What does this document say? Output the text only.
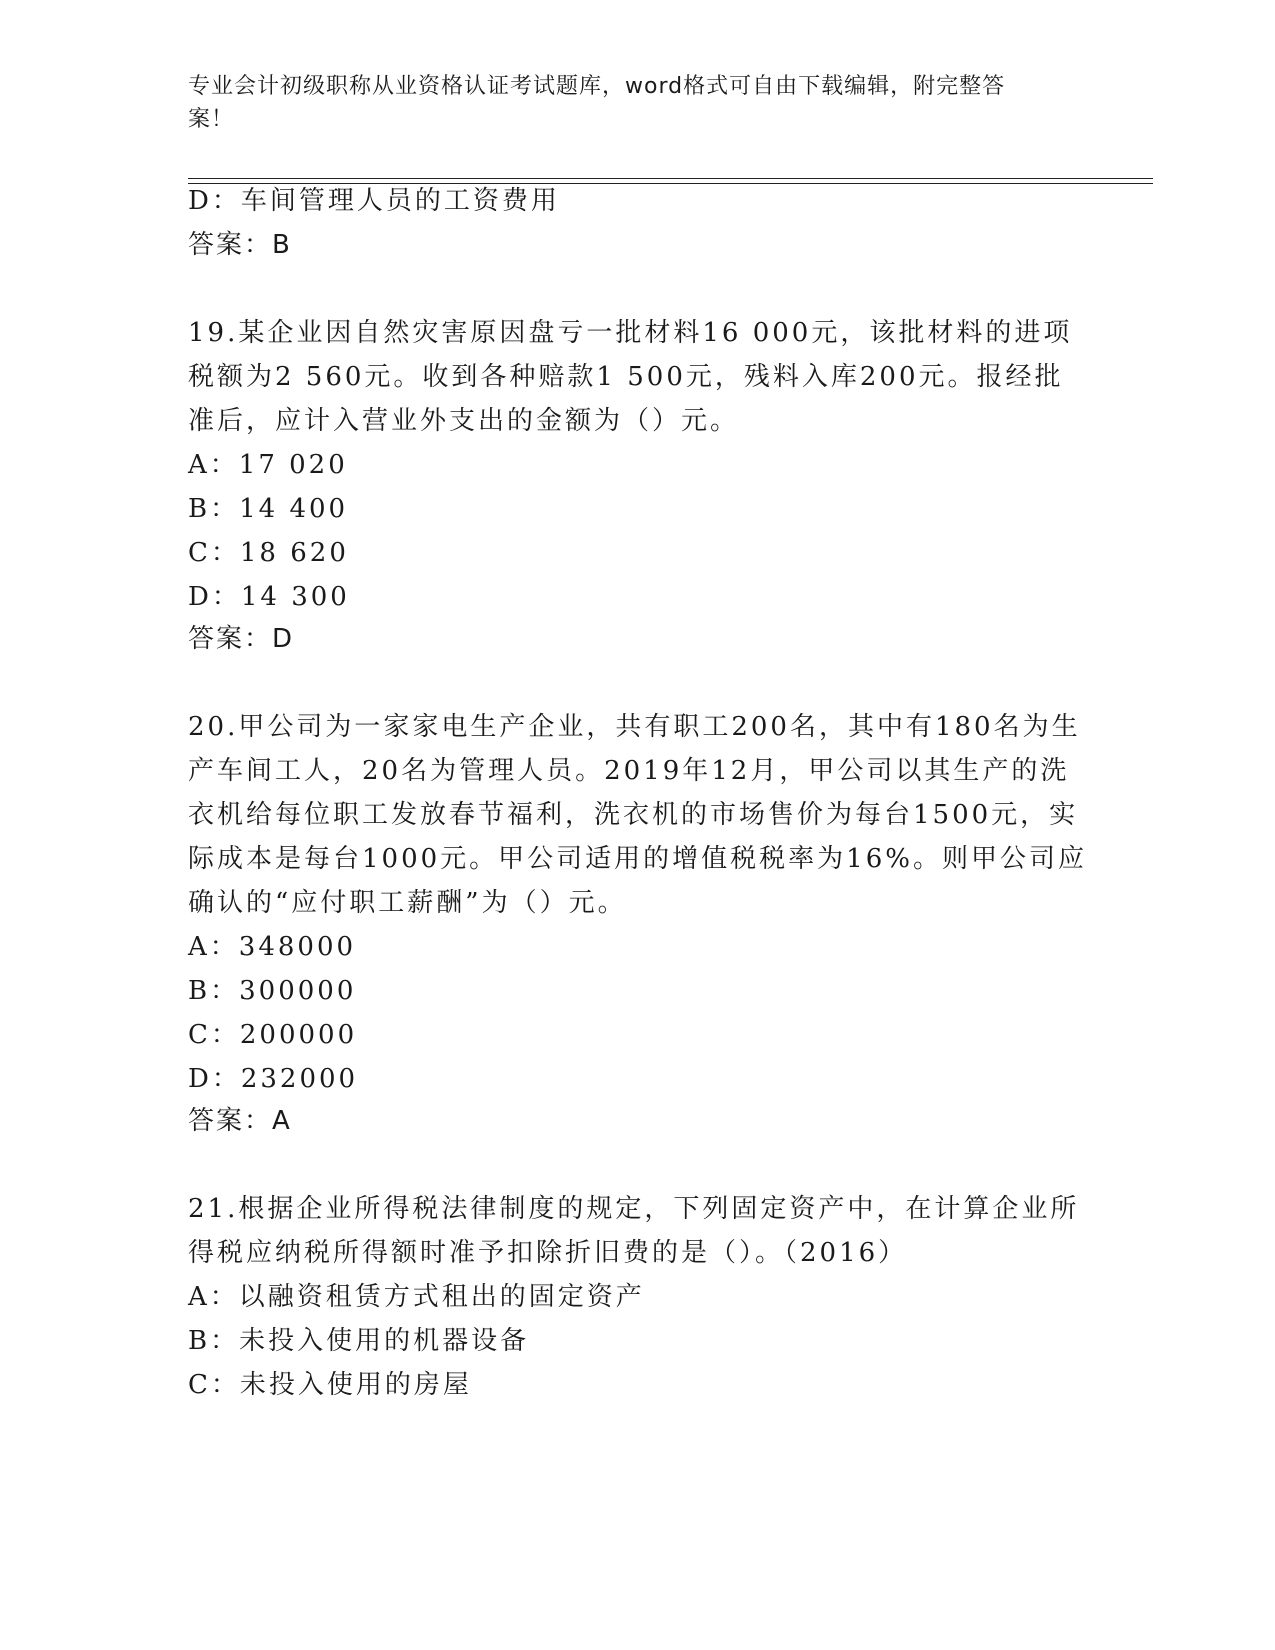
专业会计初级职称从业资格认证考试题库，word格式可自由下载编辑，附完整答
案！
D：车间管理人员的工资费用
答案：B
19.某企业因自然灾害原因盘亏一批材料16 000元，该批材料的进项
税额为2 560元。收到各种赔款1 500元，残料入库200元。报经批
准后，应计入营业外支出的金额为（）元。
A：17 020
B：14 400
C：18 620
D：14 300
答案：D
20.甲公司为一家家电生产企业，共有职工200名，其中有180名为生
产车间工人，20名为管理人员。2019年12月，甲公司以其生产的洗
衣机给每位职工发放春节福利，洗衣机的市场售价为每台1500元，实
际成本是每台1000元。甲公司适用的增值税税率为16%。则甲公司应
确认的“应付职工薪酬”为（）元。
A：348000
B：300000
C：200000
D：232000
答案：A
21.根据企业所得税法律制度的规定，下列固定资产中，在计算企业所
得税应纳税所得额时准予扣除折旧费的是（）。（2016）
A：以融资租赁方式租出的固定资产
B：未投入使用的机器设备
C：未投入使用的房屋
